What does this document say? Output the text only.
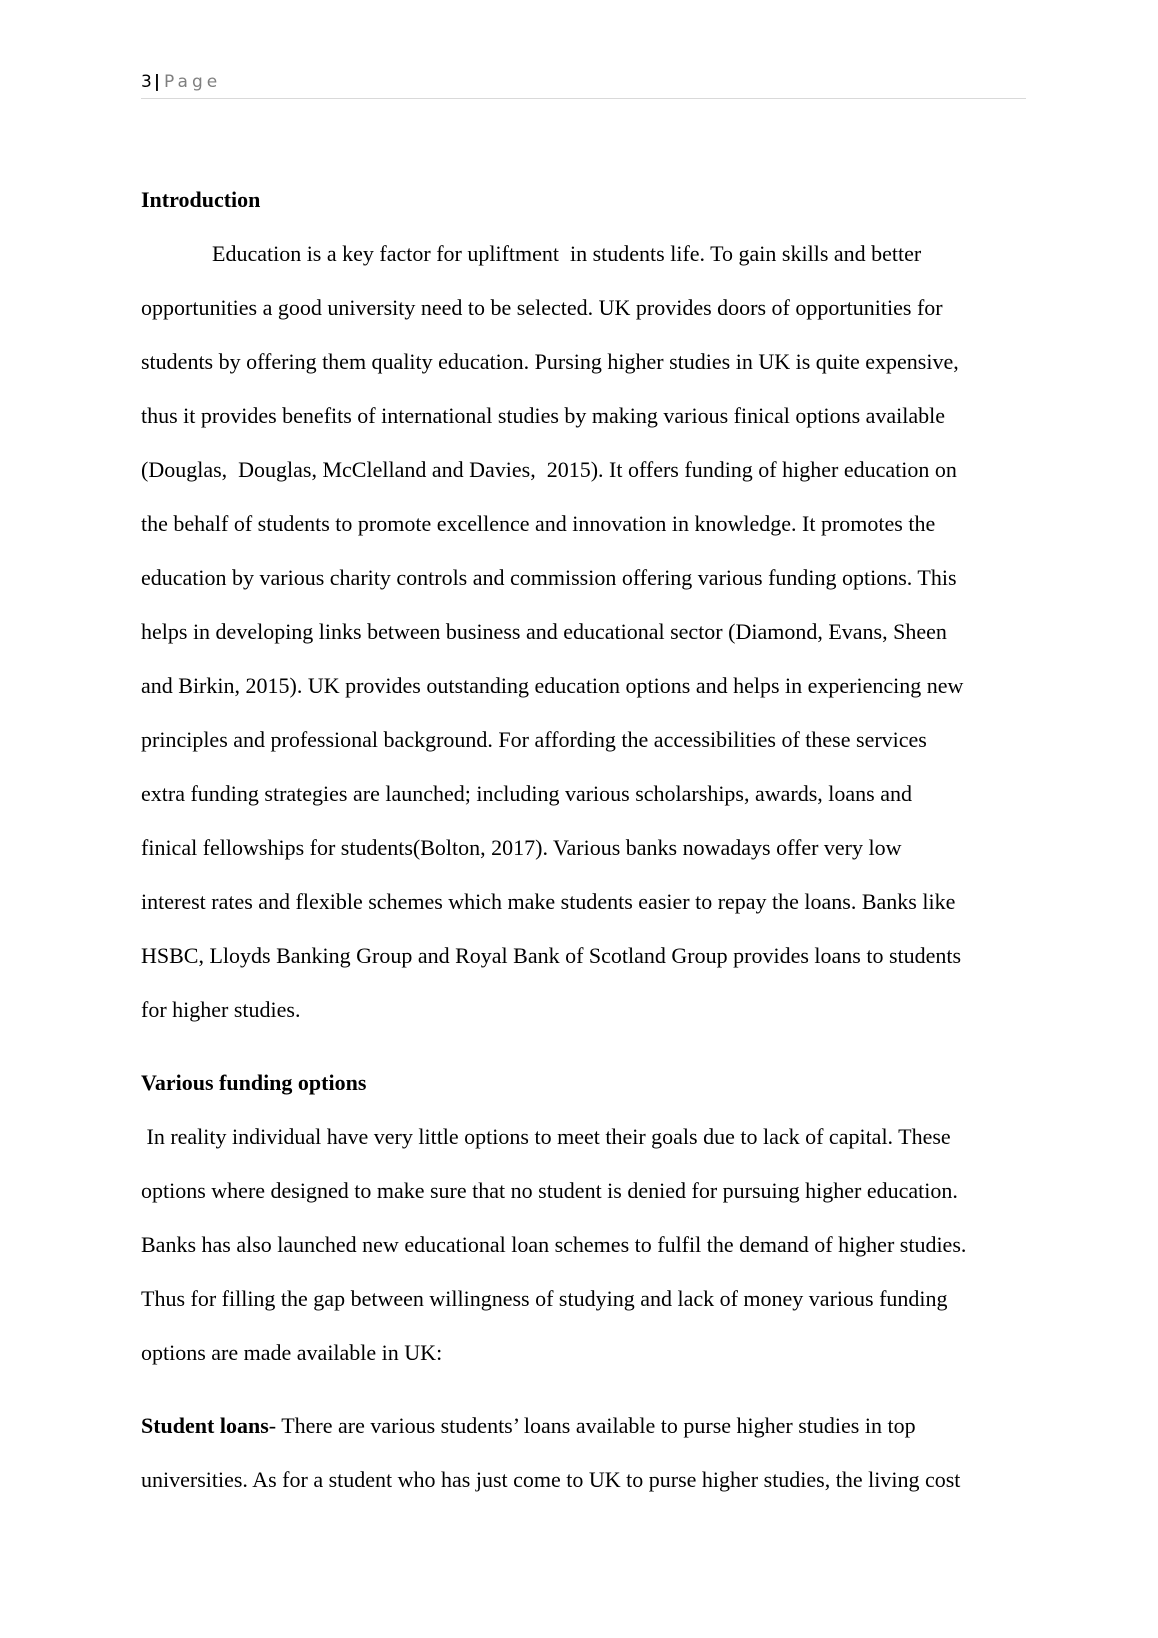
3 | Page
Introduction
Education is a key factor for upliftment  in students life. To gain skills and better
opportunities a good university need to be selected. UK provides doors of opportunities for
students by offering them quality education. Pursing higher studies in UK is quite expensive,
thus it provides benefits of international studies by making various finical options available
(Douglas,  Douglas, McClelland and Davies,  2015). It offers funding of higher education on
the behalf of students to promote excellence and innovation in knowledge. It promotes the
education by various charity controls and commission offering various funding options. This
helps in developing links between business and educational sector (Diamond, Evans, Sheen
and Birkin, 2015). UK provides outstanding education options and helps in experiencing new
principles and professional background. For affording the accessibilities of these services
extra funding strategies are launched; including various scholarships, awards, loans and
finical fellowships for students(Bolton, 2017). Various banks nowadays offer very low
interest rates and flexible schemes which make students easier to repay the loans. Banks like
HSBC, Lloyds Banking Group and Royal Bank of Scotland Group provides loans to students
for higher studies.
Various funding options
In reality individual have very little options to meet their goals due to lack of capital. These
options where designed to make sure that no student is denied for pursuing higher education.
Banks has also launched new educational loan schemes to fulfil the demand of higher studies.
Thus for filling the gap between willingness of studying and lack of money various funding
options are made available in UK:
Student loans- There are various students’ loans available to purse higher studies in top
universities. As for a student who has just come to UK to purse higher studies, the living cost
